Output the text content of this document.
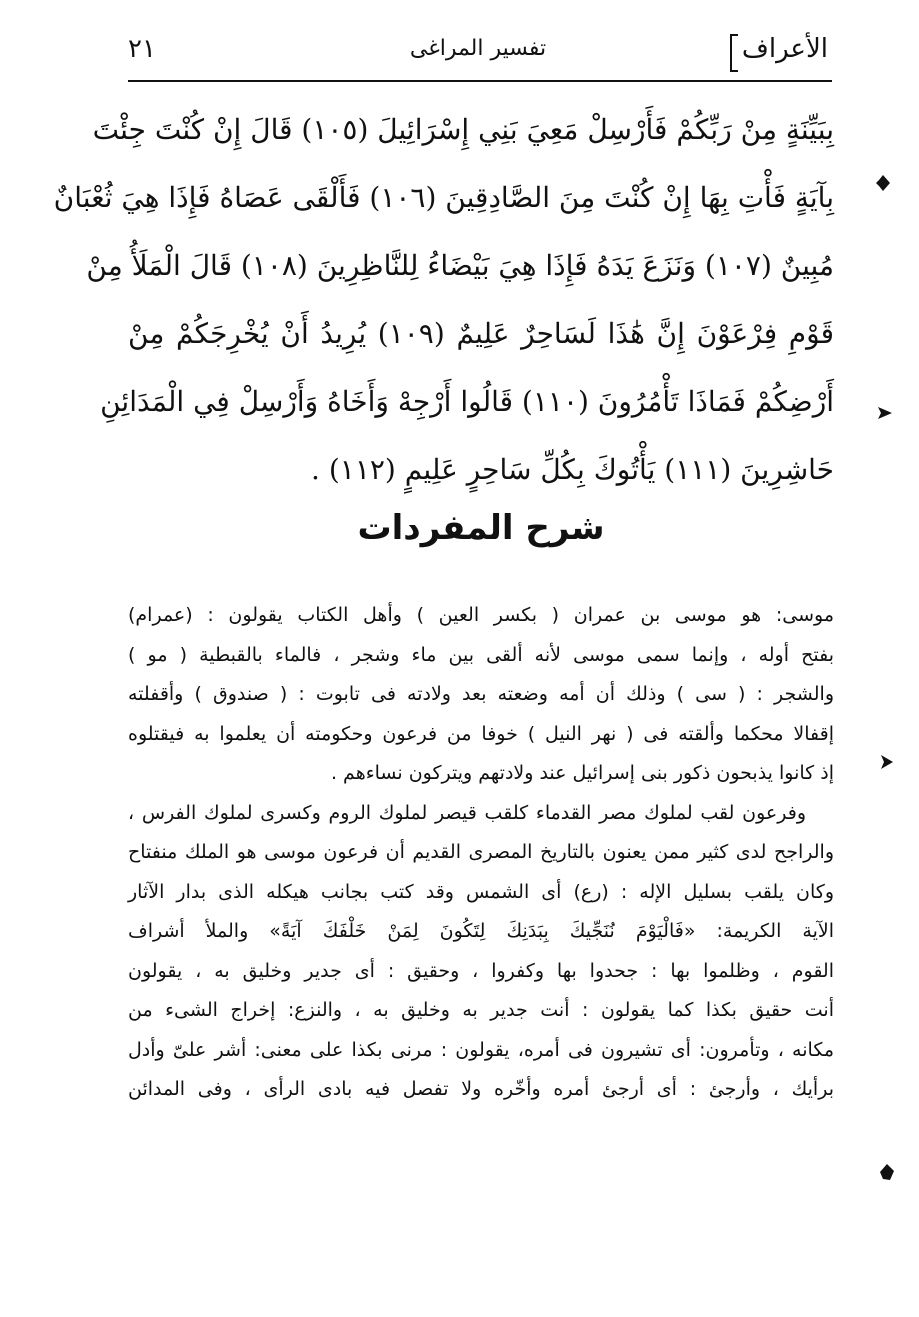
الأعراف
تفسير المراغى
٢١
بِبَيِّنَةٍ مِنْ رَبِّكُمْ فَأَرْسِلْ مَعِيَ بَنِي إِسْرَائِيلَ (١٠٥) قَالَ إِنْ كُنْتَ جِئْتَ
بِآيَةٍ فَأْتِ بِهَا إِنْ كُنْتَ مِنَ الصَّادِقِينَ (١٠٦) فَأَلْقَى عَصَاهُ فَإِذَا هِيَ ثُعْبَانٌ
مُبِينٌ (١٠٧) وَنَزَعَ يَدَهُ فَإِذَا هِيَ بَيْضَاءُ لِلنَّاظِرِينَ (١٠٨) قَالَ الْمَلَأُ مِنْ
قَوْمِ فِرْعَوْنَ إِنَّ هَٰذَا لَسَاحِرٌ عَلِيمٌ (١٠٩) يُرِيدُ أَنْ يُخْرِجَكُمْ مِنْ
أَرْضِكُمْ فَمَاذَا تَأْمُرُونَ (١١٠) قَالُوا أَرْجِهْ وَأَخَاهُ وَأَرْسِلْ فِي الْمَدَائِنِ
حَاشِرِينَ (١١١) يَأْتُوكَ بِكُلِّ سَاحِرٍ عَلِيمٍ (١١٢) .
شرح المفردات
موسى: هو موسى بن عمران ( بكسر العين ) وأهل الكتاب يقولون : (عمرام)
بفتح أوله ، وإنما سمى موسى لأنه ألقى بين ماء وشجر ، فالماء بالقبطية ( مو )
والشجر : ( سى ) وذلك أن أمه وضعته بعد ولادته فى تابوت : ( صندوق ) وأقفلته
إقفالا محكما وألقته فى ( نهر النيل ) خوفا من فرعون وحكومته أن يعلموا به فيقتلوه
إذ كانوا يذبحون ذكور بنى إسرائيل عند ولادتهم ويتركون نساءهم .
وفرعون لقب لملوك مصر القدماء كلقب قيصر لملوك الروم وكسرى لملوك الفرس ،
والراجح لدى كثير ممن يعنون بالتاريخ المصرى القديم أن فرعون موسى هو الملك منفتاح
وكان يلقب بسليل الإله : (رع) أى الشمس وقد كتب بجانب هيكله الذى بدار الآثار
الآية الكريمة: «فَالْيَوْمَ نُنَجِّيكَ بِبَدَنِكَ لِتَكُونَ لِمَنْ خَلْفَكَ آيَةً» والملأ أشراف
القوم ، وظلموا بها : جحدوا بها وكفروا ، وحقيق : أى جدير وخليق به ، يقولون
أنت حقيق بكذا كما يقولون : أنت جدير به وخليق به ، والنزع: إخراج الشىء من
مكانه ، وتأمرون: أى تشيرون فى أمره، يقولون : مرنى بكذا على معنى: أشر علىّ وأدل
برأيك ، وأرجئ : أى أرجئ أمره وأخّره ولا تفصل فيه بادى الرأى ، وفى المدائن
